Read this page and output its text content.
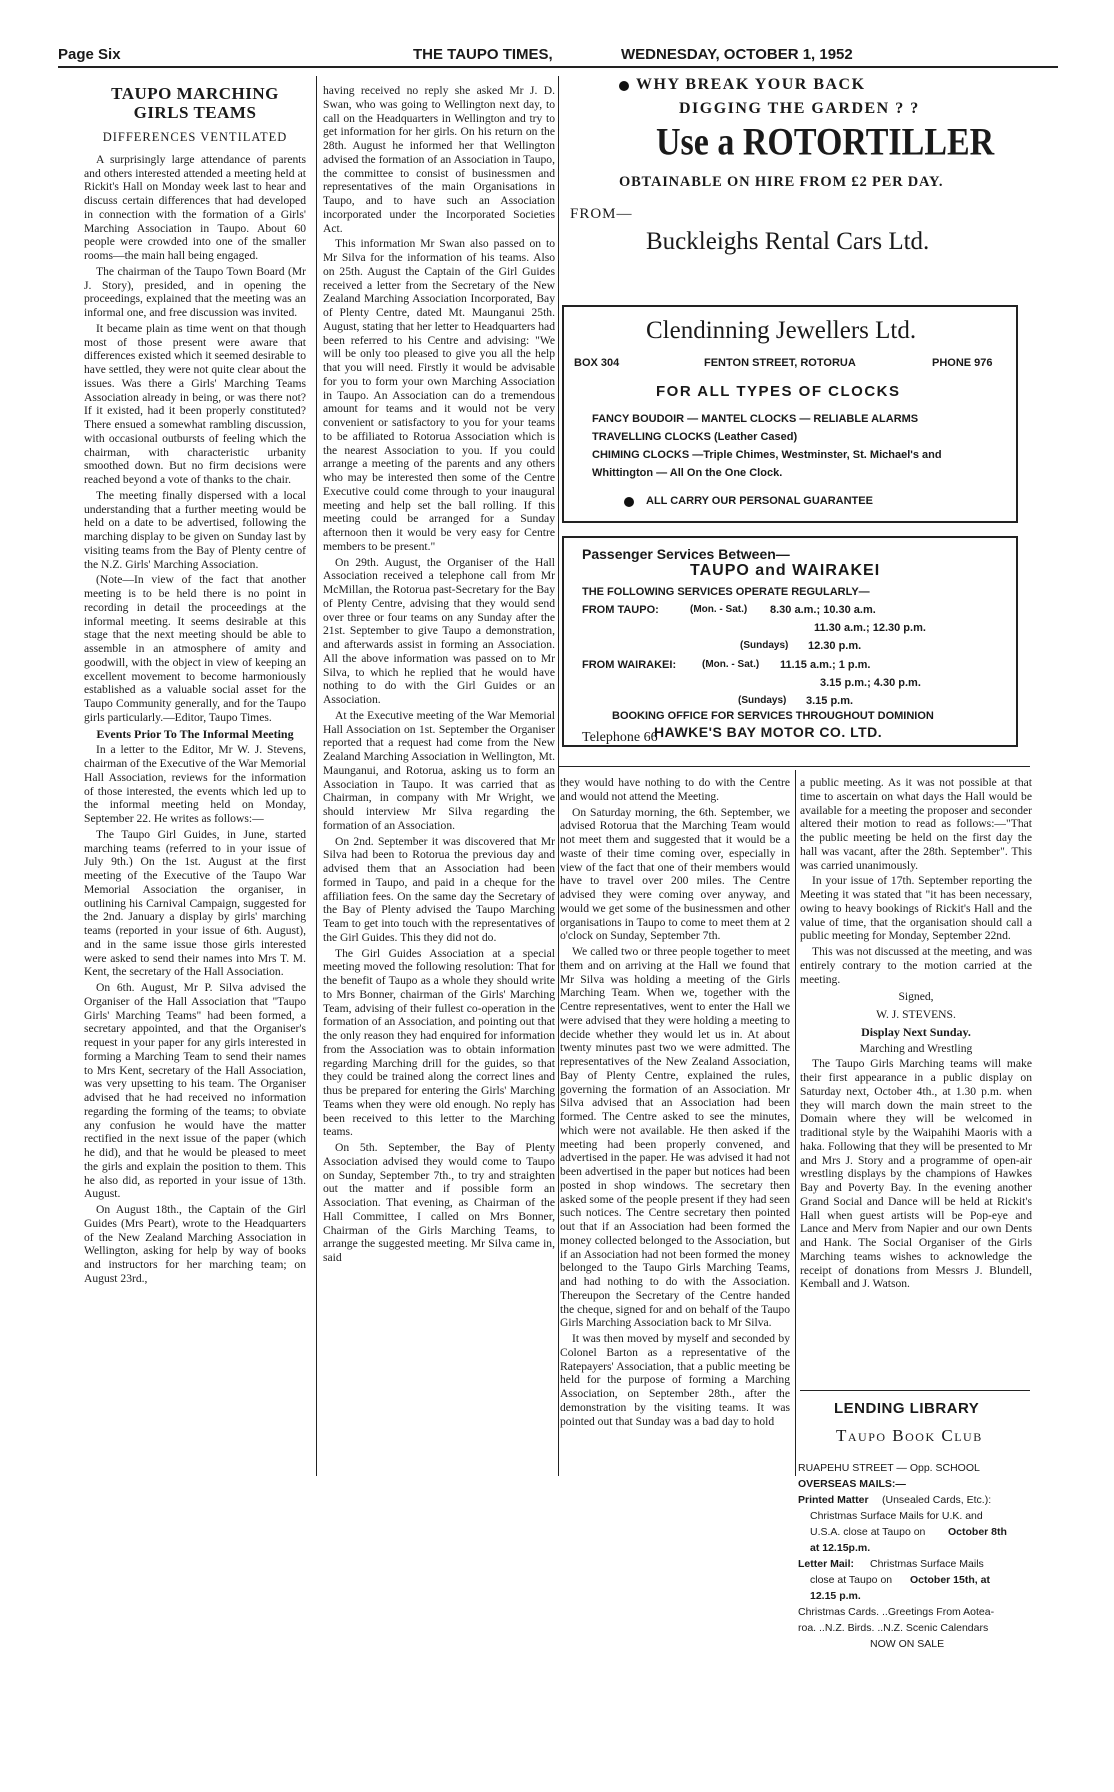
Page Six	THE TAUPO TIMES,	WEDNESDAY, OCTOBER 1, 1952
TAUPO MARCHING GIRLS TEAMS
DIFFERENCES VENTILATED

A surprisingly large attendance of parents and others interested attended a meeting held at Rickit's Hall on Monday week last to hear and discuss certain differences that had developed in connection with the formation of a Girls' Marching Association in Taupo. About 60 people were crowded into one of the smaller rooms—the main hall being engaged.

The chairman of the Taupo Town Board (Mr J. Story), presided, and in opening the proceedings, explained that the meeting was an informal one, and free discussion was invited.

It became plain as time went on that though most of those present were aware that differences existed which it seemed desirable to have settled, they were not quite clear about the issues. Was there a Girls' Marching Teams Association already in being, or was there not? If it existed, had it been properly constituted? There ensued a somewhat rambling discussion, with occasional outbursts of feeling which the chairman, with characteristic urbanity smoothed down. But no firm decisions were reached beyond a vote of thanks to the chair.

The meeting finally dispersed with a local understanding that a further meeting would be held on a date to be advertised, following the marching display to be given on Sunday last by visiting teams from the Bay of Plenty centre of the N.Z. Girls' Marching Association.

(Note—In view of the fact that another meeting is to be held there is no point in recording in detail the proceedings at the informal meeting. It seems desirable at this stage that the next meeting should be able to assemble in an atmosphere of amity and goodwill, with the object in view of keeping an excellent movement to become harmoniously established as a valuable social asset for the Taupo Community generally, and for the Taupo girls particularly.—Editor, Taupo Times.

Events Prior To The Informal Meeting

In a letter to the Editor, Mr W. J. Stevens, chairman of the Executive of the War Memorial Hall Association, reviews for the information of those interested, the events which led up to the informal meeting held on Monday, September 22. He writes as follows:—

The Taupo Girl Guides, in June, started marching teams (referred to in your issue of July 9th.) On the 1st. August at the first meeting of the Executive of the Taupo War Memorial Association the organiser, in outlining his Carnival Campaign, suggested for the 2nd. January a display by girls' marching teams (reported in your issue of 6th. August), and in the same issue those girls interested were asked to send their names into Mrs T. M. Kent, the secretary of the Hall Association.

On 6th. August, Mr P. Silva advised the Organiser of the Hall Association that "Taupo Girls' Marching Teams" had been formed, a secretary appointed, and that the Organiser's request in your paper for any girls interested in forming a Marching Team to send their names to Mrs Kent, secretary of the Hall Association, was very upsetting to his team. The Organiser advised that he had received no information regarding the forming of the teams; to obviate any confusion he would have the matter rectified in the next issue of the paper (which he did), and that he would be pleased to meet the girls and explain the position to them. This he also did, as reported in your issue of 13th. August.

On August 18th., the Captain of the Girl Guides (Mrs Peart), wrote to the Headquarters of the New Zealand Marching Association in Wellington, asking for help by way of books and instructors for her marching team; on August 23rd.,

having received no reply she asked Mr J. D. Swan, who was going to Wellington next day, to call on the Headquarters in Wellington and try to get information for her girls. On his return on the 28th. August he informed her that Wellington advised the formation of an Association in Taupo, the committee to consist of businessmen and representatives of the main Organisations in Taupo, and to have such an Association incorporated under the Incorporated Societies Act.

This information Mr Swan also passed on to Mr Silva for the information of his teams. Also on 25th. August the Captain of the Girl Guides received a letter from the Secretary of the New Zealand Marching Association Incorporated, Bay of Plenty Centre, dated Mt. Maunganui 25th. August, stating that her letter to Headquarters had been referred to his Centre and advising: "We will be only too pleased to give you all the help that you will need. Firstly it would be advisable for you to form your own Marching Association in Taupo. An Association can do a tremendous amount for teams and it would not be very convenient or satisfactory to you for your teams to be affiliated to Rotorua Association which is the nearest Association to you. If you could arrange a meeting of the parents and any others who may be interested then some of the Centre Executive could come through to your inaugural meeting and help set the ball rolling. If this meeting could be arranged for a Sunday afternoon then it would be very easy for Centre members to be present."

On 29th. August, the Organiser of the Hall Association received a telephone call from Mr McMillan, the Rotorua past-Secretary for the Bay of Plenty Centre, advising that they would send over three or four teams on any Sunday after the 21st. September to give Taupo a demonstration, and afterwards assist in forming an Association. All the above information was passed on to Mr Silva, to which he replied that he would have nothing to do with the Girl Guides or an Association.

At the Executive meeting of the War Memorial Hall Association on 1st. September the Organiser reported that a request had come from the New Zealand Marching Association in Wellington, Mt. Maunganui, and Rotorua, asking us to form an Association in Taupo. It was carried that as Chairman, in company with Mr Wright, we should interview Mr Silva regarding the formation of an Association.

On 2nd. September it was discovered that Mr Silva had been to Rotorua the previous day and advised them that an Association had been formed in Taupo, and paid in a cheque for the affiliation fees. On the same day the Secretary of the Bay of Plenty advised the Taupo Marching Team to get into touch with the representatives of the Girl Guides. This they did not do.

The Girl Guides Association at a special meeting moved the following resolution: That for the benefit of Taupo as a whole they should write to Mrs Bonner, chairman of the Girls' Marching Team, advising of their fullest co-operation in the formation of an Association, and pointing out that the only reason they had enquired for information from the Association was to obtain information regarding Marching drill for the guides, so that they could be trained along the correct lines and thus be prepared for entering the Girls' Marching Teams when they were old enough. No reply has been received to this letter to the Marching teams.

On 5th. September, the Bay of Plenty Association advised they would come to Taupo on Sunday, September 7th., to try and straighten out the matter and if possible form an Association. That evening, as Chairman of the Hall Committee, I called on Mrs Bonner, Chairman of the Girls Marching Teams, to arrange the suggested meeting. Mr Silva came in, said

WHY BREAK YOUR BACK
DIGGING THE GARDEN ? ?
Use a ROTORTILLER
OBTAINABLE ON HIRE FROM £2 PER DAY.
FROM—
Buckleighs Rental Cars Ltd.
Clendinning Jewellers Ltd.
BOX 304	FENTON STREET, ROTORUA	PHONE 976
FOR ALL TYPES OF CLOCKS
FANCY BOUDOIR — MANTEL CLOCKS — RELIABLE ALARMS
TRAVELLING CLOCKS (Leather Cased)
CHIMING CLOCKS —Triple Chimes, Westminster, St. Michael's and
Whittington — All On the One Clock.
ALL CARRY OUR PERSONAL GUARANTEE
Passenger Services Between—
TAUPO and WAIRAKEI
THE FOLLOWING SERVICES OPERATE REGULARLY—
FROM TAUPO:	(Mon. - Sat.) 8.30 a.m.; 10.30 a.m.
11.30 a.m.; 12.30 p.m.
(Sundays) 12.30 p.m.
FROM WAIRAKEI:	(Mon. - Sat.) 11.15 a.m.; 1 p.m.
3.15 p.m.; 4.30 p.m.
(Sundays) 3.15 p.m.
BOOKING OFFICE FOR SERVICES THROUGHOUT DOMINION
HAWKE'S BAY MOTOR CO. LTD.
Telephone 66

they would have nothing to do with the Centre and would not attend the Meeting.

On Saturday morning, the 6th. September, we advised Rotorua that the Marching Team would not meet them and suggested that it would be a waste of their time coming over, especially in view of the fact that one of their members would have to travel over 200 miles. The Centre advised they were coming over anyway, and would we get some of the businessmen and other organisations in Taupo to come to meet them at 2 o'clock on Sunday, September 7th.

We called two or three people together to meet them and on arriving at the Hall we found that Mr Silva was holding a meeting of the Girls Marching Team. When we, together with the Centre representatives, went to enter the Hall we were advised that they were holding a meeting to decide whether they would let us in. At about twenty minutes past two we were admitted. The representatives of the New Zealand Association, Bay of Plenty Centre, explained the rules, governing the formation of an Association. Mr Silva advised that an Association had been formed. The Centre asked to see the minutes, which were not available. He then asked if the meeting had been properly convened, and advertised in the paper. He was advised it had not been advertised in the paper but notices had been posted in shop windows. The secretary then asked some of the people present if they had seen such notices. The Centre secretary then pointed out that if an Association had been formed the money collected belonged to the Association, but if an Association had not been formed the money belonged to the Taupo Girls Marching Teams, and had nothing to do with the Association. Thereupon the Secretary of the Centre handed the cheque, signed for and on behalf of the Taupo Girls Marching Association back to Mr Silva.

It was then moved by myself and seconded by Colonel Barton as a representative of the Ratepayers' Association, that a public meeting be held for the purpose of forming a Marching Association, on September 28th., after the demonstration by the visiting teams. It was pointed out that Sunday was a bad day to hold

a public meeting. As it was not possible at that time to ascertain on what days the Hall would be available for a meeting the proposer and seconder altered their motion to read as follows:—"That the public meeting be held on the first day the hall was vacant, after the 28th. September". This was carried unanimously.

In your issue of 17th. September reporting the Meeting it was stated that "it has been necessary, owing to heavy bookings of Rickit's Hall and the value of time, that the organisation should call a public meeting for Monday, September 22nd.

This was not discussed at the meeting, and was entirely contrary to the motion carried at the meeting.

Signed,
W. J. STEVENS.
Display Next Sunday.
Marching and Wrestling

The Taupo Girls Marching teams will make their first appearance in a public display on Saturday next, October 4th., at 1.30 p.m. when they will march down the main street to the Domain where they will be welcomed in traditional style by the Waipahihi Maoris with a haka. Following that they will be presented to Mr and Mrs J. Story and a programme of open-air wrestling displays by the champions of Hawkes Bay and Poverty Bay. In the evening another Grand Social and Dance will be held at Rickit's Hall when guest artists will be Pop-eye and Lance and Merv from Napier and our own Dents and Hank. The Social Organiser of the Girls Marching teams wishes to acknowledge the receipt of donations from Messrs J. Blundell, Kemball and J. Watson.

LENDING LIBRARY
Taupo Book Club
RUAPEHU STREET — Opp. SCHOOL
OVERSEAS MAILS:—
Printed Matter (Unsealed Cards, Etc.):
Christmas Surface Mails for U.K. and
U.S.A. close at Taupo on October 8th
at 12.15p.m.
Letter Mail: Christmas Surface Mails
close at Taupo on October 15th, at
12.15 p.m.
Christmas Cards. ..Greetings From Aotea-
roa. ..N.Z. Birds. ..N.Z. Scenic Calendars
NOW ON SALE
